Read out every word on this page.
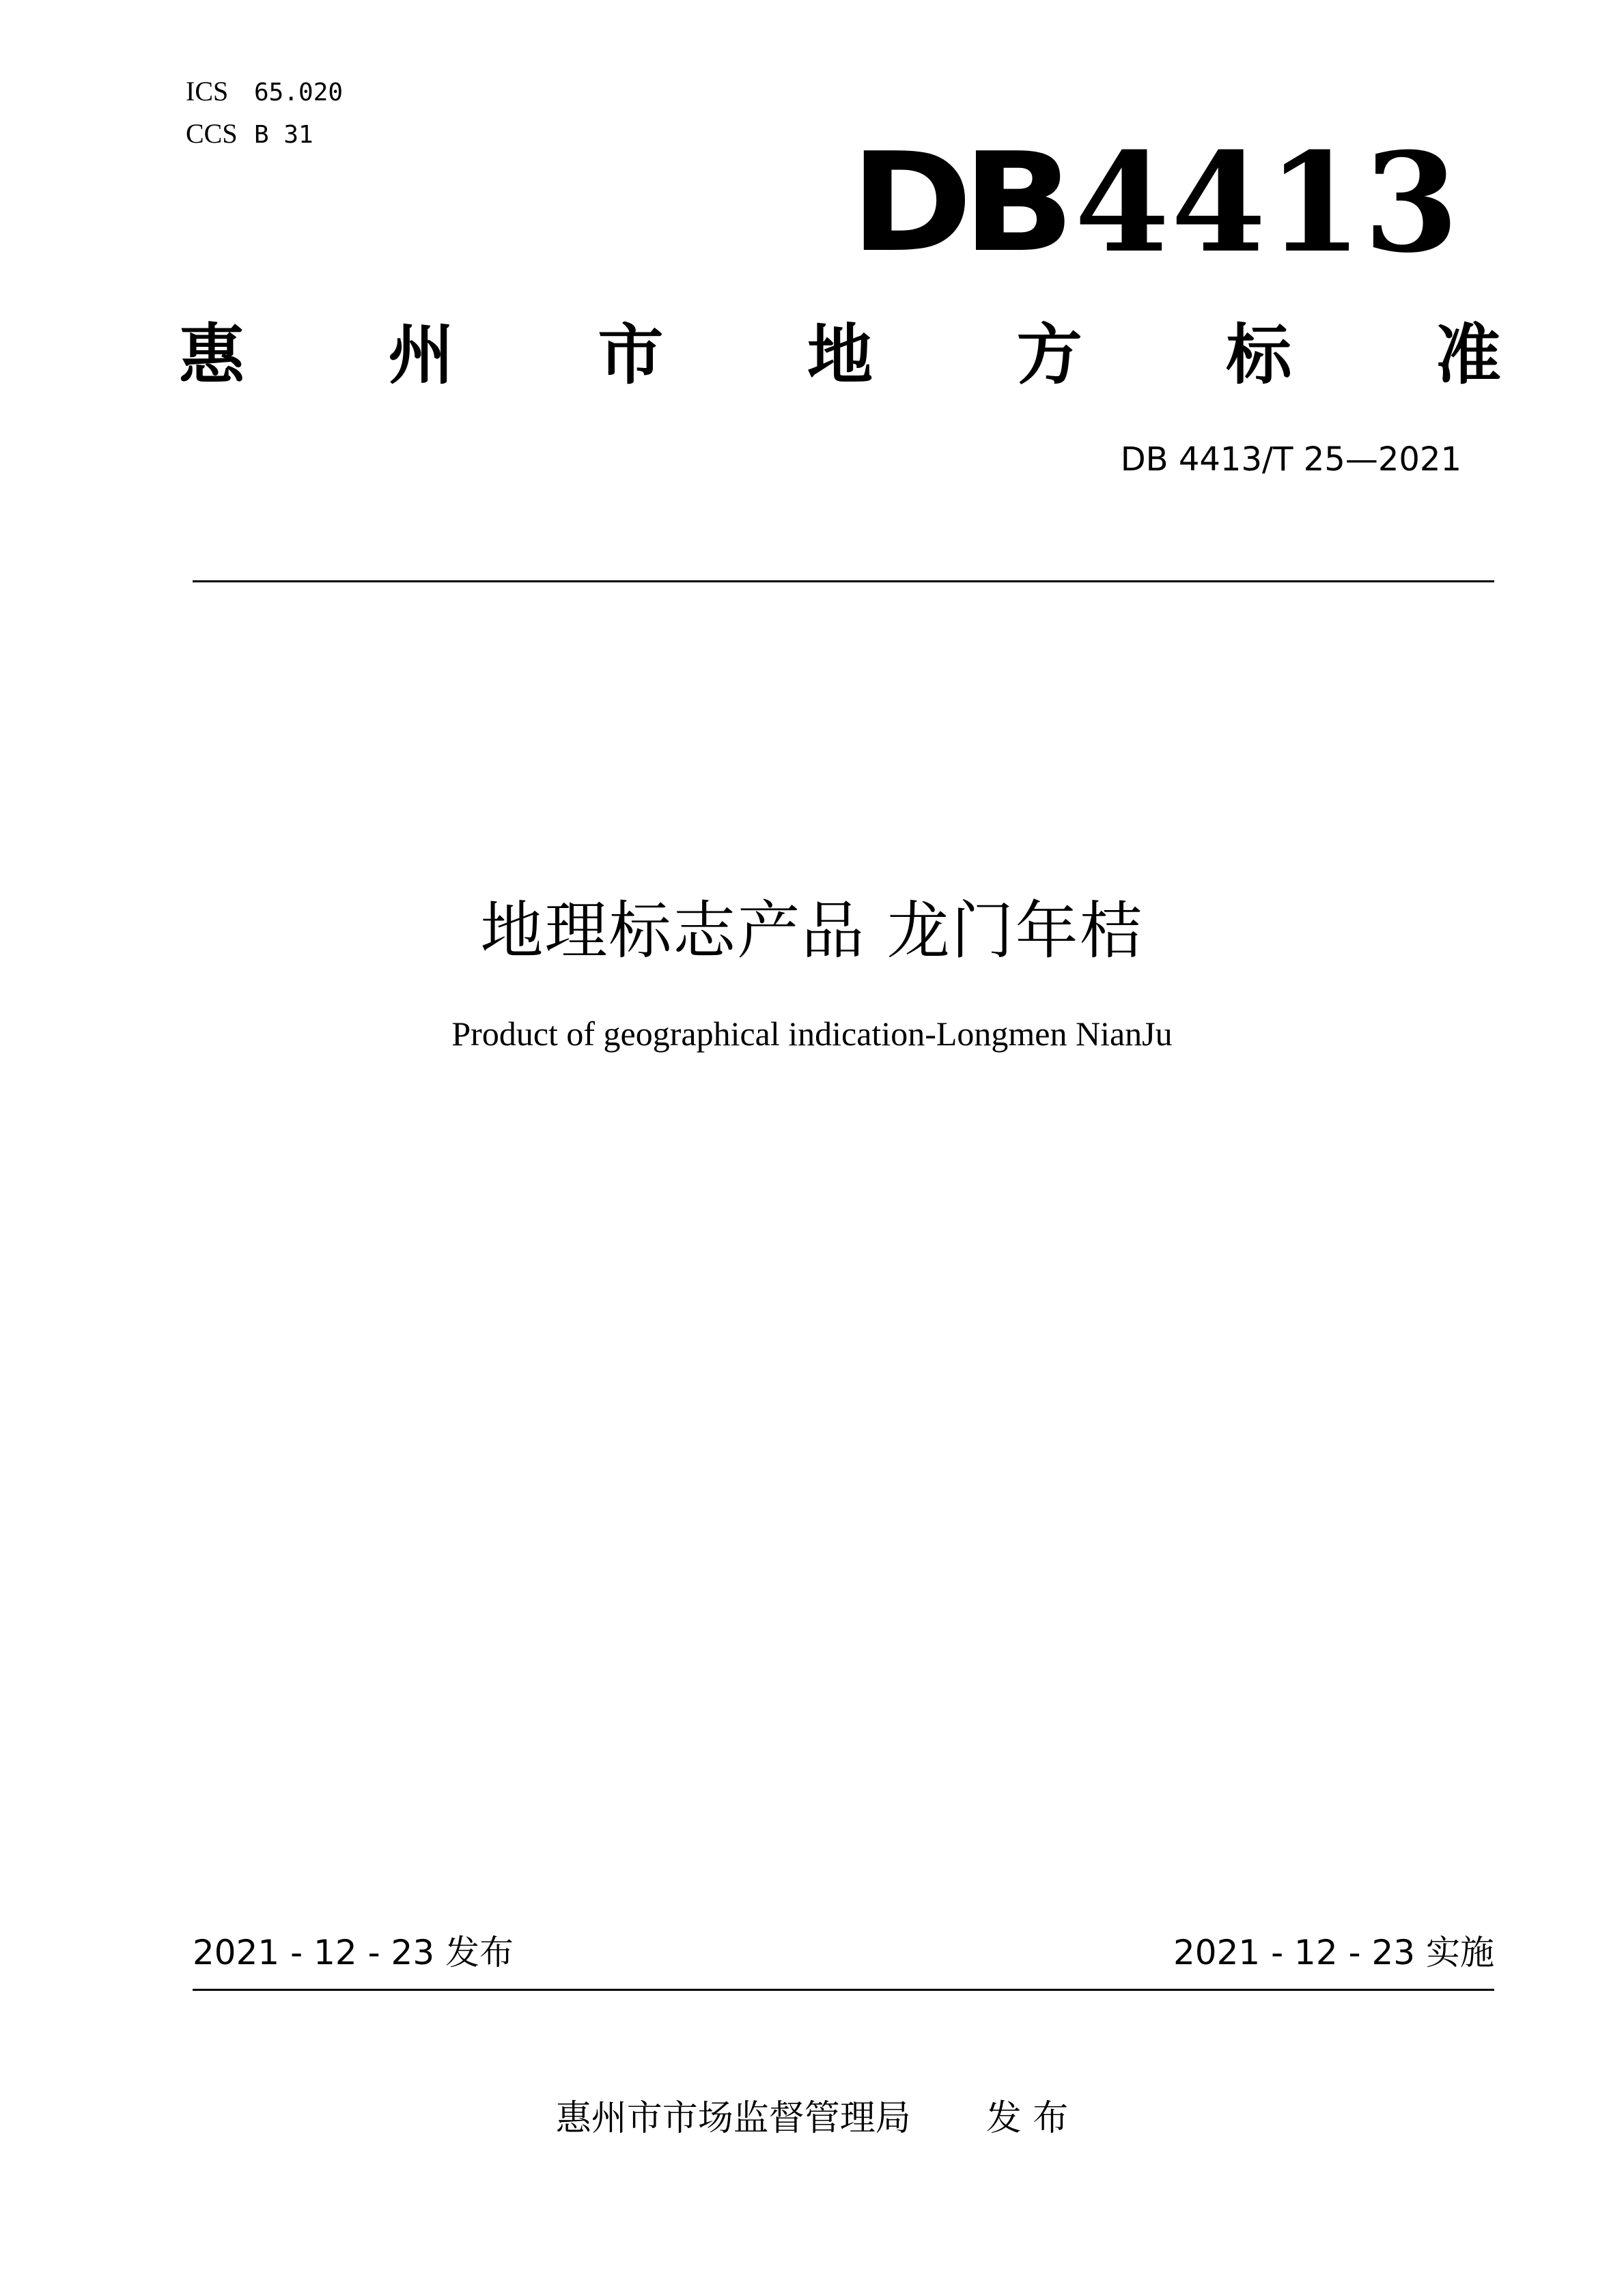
ICS	65.020
CCS B 31	DB 4413
惠 州 市 地 方 标 准
DB 4413/T 25—2021
地理标志产品 龙门年桔
Product of geographical indication-Longmen NianJu
2021 - 12 - 23 发布	2021 - 12 - 23 实施
惠州市市场监督管理局 发 布
